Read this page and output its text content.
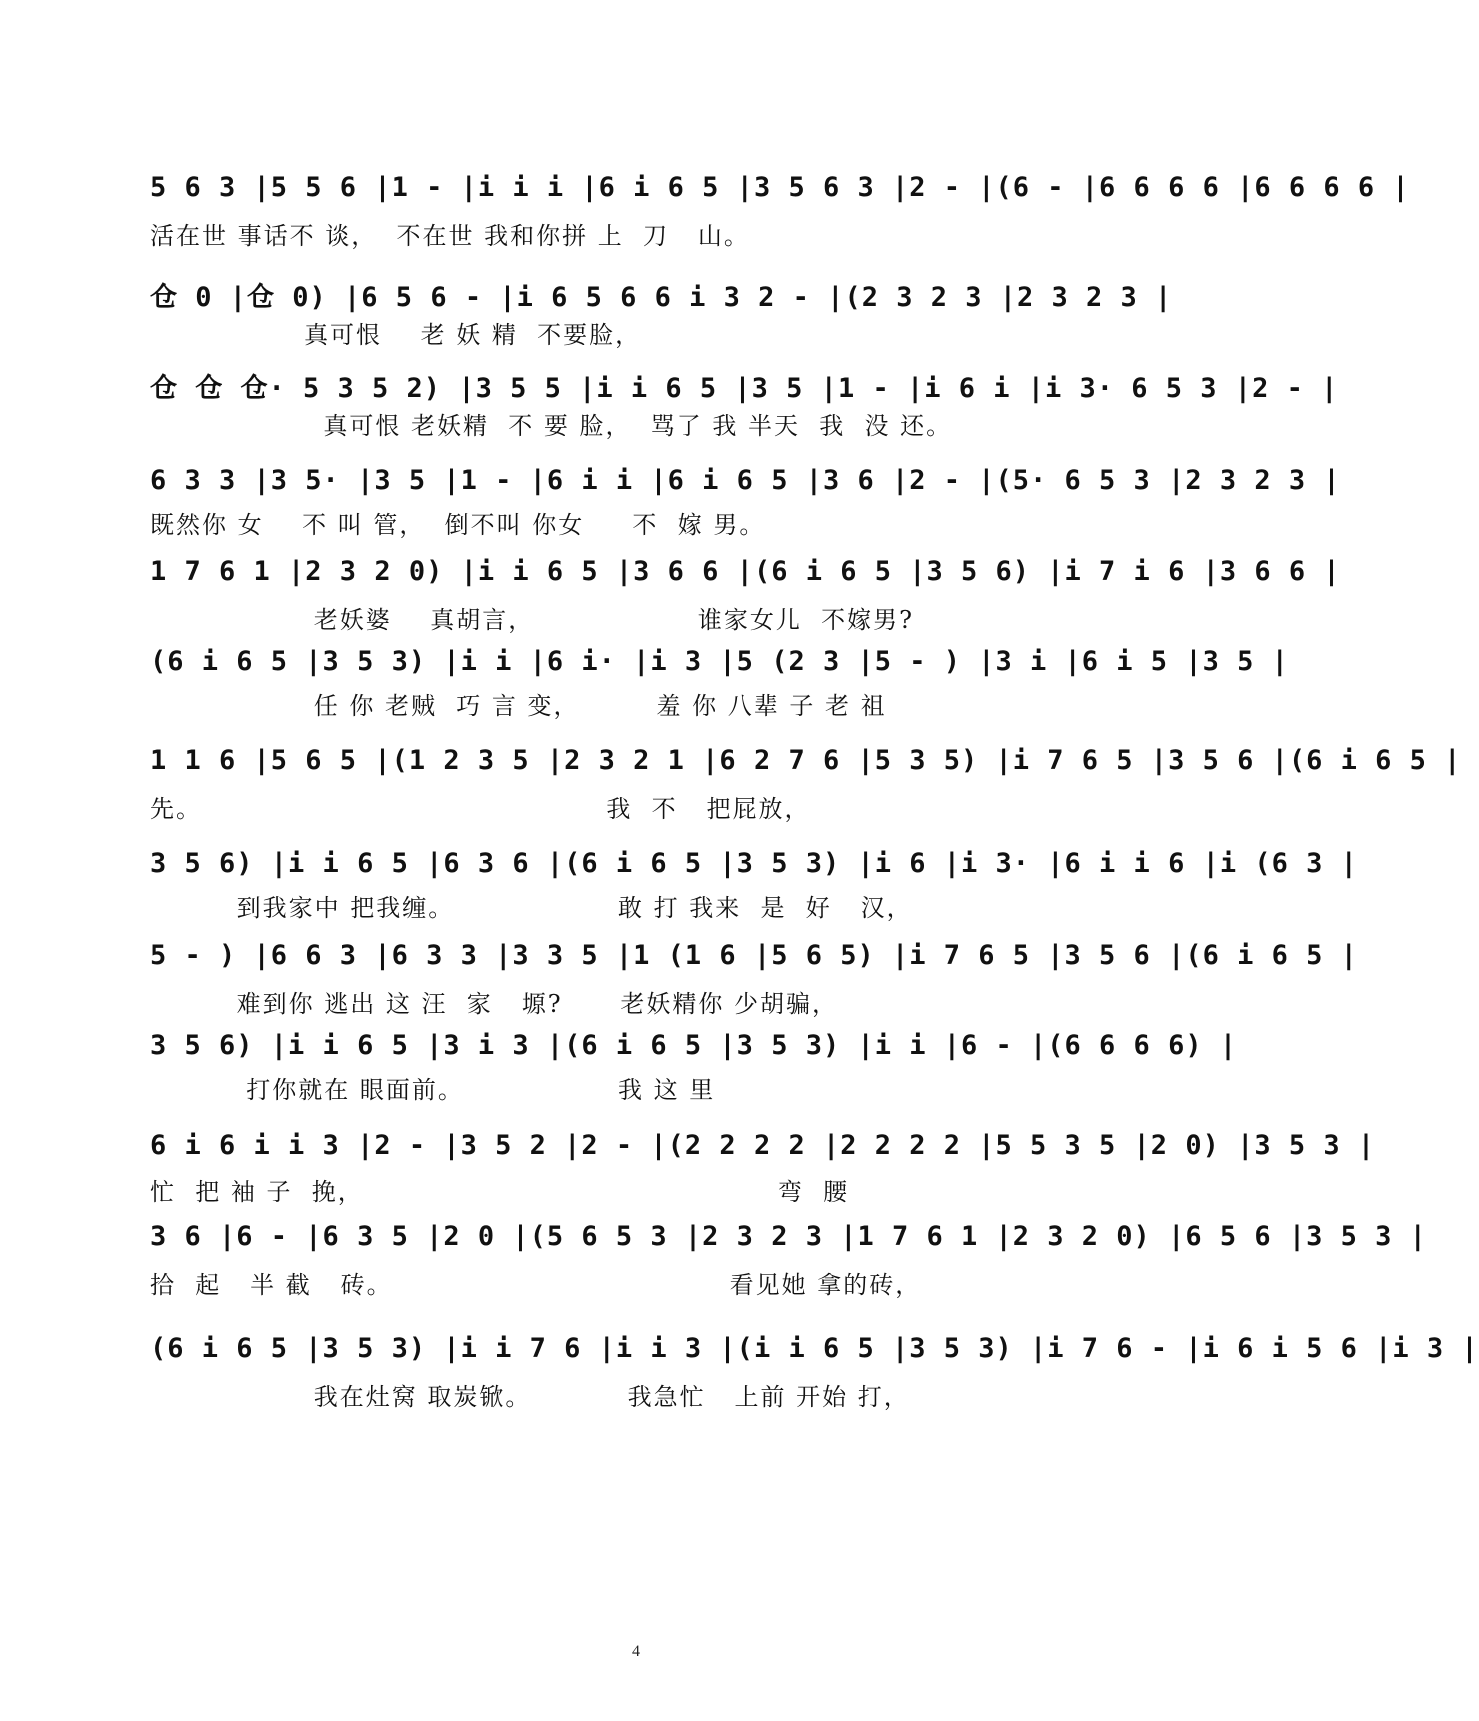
5 6 3 |5 5 6 |1 - |i i i |6 i 6 5 |3 5 6 3 |2 - |(6 - |6 6 6 6 |6 6 6 6 |
活在世 事话不 谈，  不在世 我和你拼 上  刀   山。
仓 0 |仓 0) |6 5 6 - |i 6 5 6 6 i 3 2 - |(2 3 2 3 |2 3 2 3 |
真可恨    老 妖 精  不要脸，
仓 仓 仓· 5 3 5 2) |3 5 5 |i i 6 5 |3 5 |1 - |i 6 i |i 3· 6 5 3 |2 - |
真可恨 老妖精  不 要 脸，  骂了 我 半天  我  没 还。
6 3 3 |3 5· |3 5 |1 - |6 i i |6 i 6 5 |3 6 |2 - |(5· 6 5 3 |2 3 2 3 |
既然你 女    不 叫 管，  倒不叫 你女     不  嫁 男。
1 7 6 1 |2 3 2 0) |i i 6 5 |3 6 6 |(6 i 6 5 |3 5 6) |i 7 i 6 |3 6 6 |
老妖婆    真胡言，                 谁家女儿  不嫁男?
(6 i 6 5 |3 5 3) |i i |6 i· |i 3 |5 (2 3 |5 - ) |3 i |6 i 5 |3 5 |
任 你 老贼  巧 言 变，        羞 你 八辈 子 老 祖
1 1 6 |5 6 5 |(1 2 3 5 |2 3 2 1 |6 2 7 6 |5 3 5) |i 7 6 5 |3 5 6 |(6 i 6 5 |
先。                                          我  不   把屁放，
3 5 6) |i i 6 5 |6 3 6 |(6 i 6 5 |3 5 3) |i 6 |i 3· |6 i i 6 |i (6 3 |
到我家中 把我缠。                 敢 打 我来  是  好   汉，
5 - ) |6 6 3 |6 3 3 |3 3 5 |1 (1 6 |5 6 5) |i 7 6 5 |3 5 6 |(6 i 6 5 |
难到你 逃出 这 汪  家   塬?      老妖精你 少胡骗，
3 5 6) |i i 6 5 |3 i 3 |(6 i 6 5 |3 5 3) |i i |6 - |(6 6 6 6) |
打你就在 眼面前。                我 这 里
6 i 6 i i 3 |2 - |3 5 2 |2 - |(2 2 2 2 |2 2 2 2 |5 5 3 5 |2 0) |3 5 3 |
忙  把 袖 子  挽，                                           弯  腰
3 6 |6 - |6 3 5 |2 0 |(5 6 5 3 |2 3 2 3 |1 7 6 1 |2 3 2 0) |6 5 6 |3 5 3 |
拾  起   半 截   砖。                                   看见她 拿的砖，
(6 i 6 5 |3 5 3) |i i 7 6 |i i 3 |(i i 6 5 |3 5 3) |i 7 6 - |i 6 i 5 6 |i 3 |
我在灶窝 取炭锨。          我急忙   上前 开始 打，
4
